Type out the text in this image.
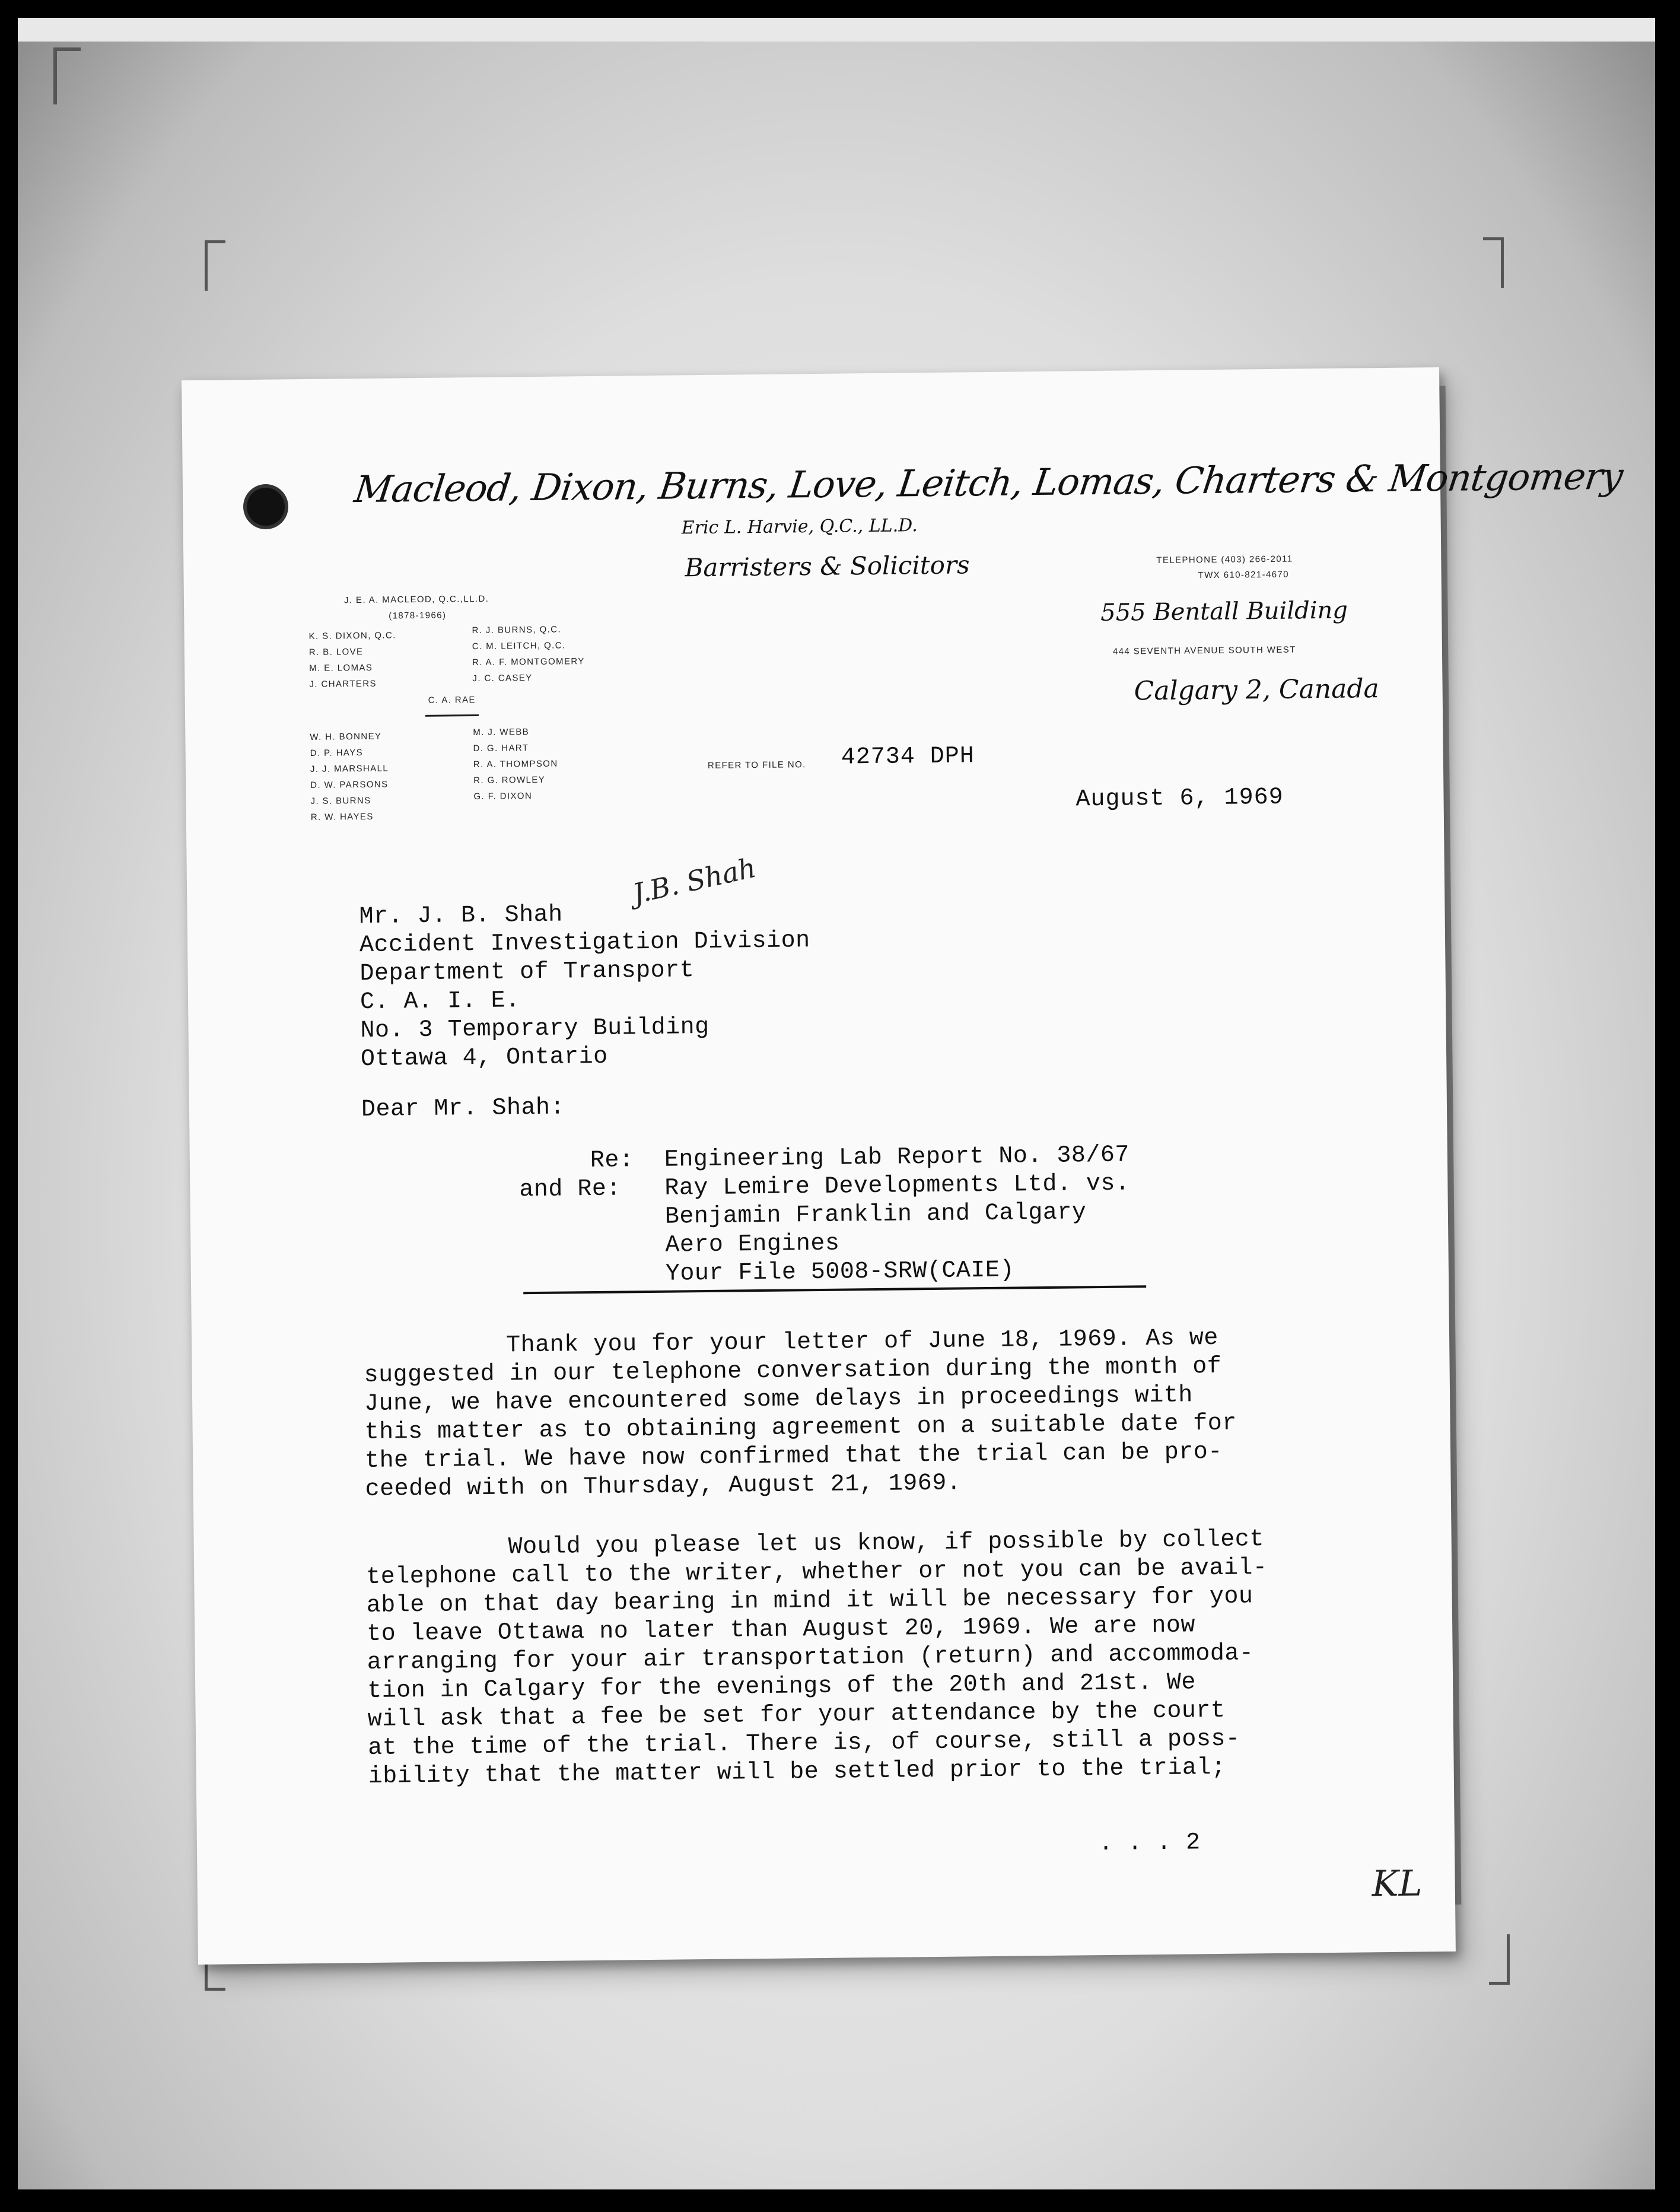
Macleod, Dixon, Burns, Love, Leitch, Lomas, Charters & Montgomery
Eric L. Harvie, Q.C., LL.D.
Barristers & Solicitors
J. E. A. MACLEOD, Q.C.,LL.D.
(1878-1966)
K. S. DIXON, Q.C.
R. B. LOVE
M. E. LOMAS
J. CHARTERS
R. J. BURNS, Q.C.
C. M. LEITCH, Q.C.
R. A. F. MONTGOMERY
J. C. CASEY
C. A. RAE
W. H. BONNEY
D. P. HAYS
J. J. MARSHALL
D. W. PARSONS
J. S. BURNS
R. W. HAYES
M. J. WEBB
D. G. HART
R. A. THOMPSON
R. G. ROWLEY
G. F. DIXON
TELEPHONE (403) 266-2011
TWX 610-821-4670
555 Bentall Building
444 SEVENTH AVENUE SOUTH WEST
Calgary 2, Canada
REFER TO FILE NO. 42734 DPH
August 6, 1969
J.B. Shah
Mr. J. B. Shah
Accident Investigation Division
Department of Transport
C. A. I. E.
No. 3 Temporary Building
Ottawa 4, Ontario
Dear Mr. Shah:
Re:
and Re:
Engineering Lab Report No. 38/67
Ray Lemire Developments Ltd. vs.
Benjamin Franklin and Calgary
Aero Engines
Your File 5008-SRW(CAIE)
Thank you for your letter of June 18, 1969. As we
suggested in our telephone conversation during the month of
June, we have encountered some delays in proceedings with
this matter as to obtaining agreement on a suitable date for
the trial. We have now confirmed that the trial can be pro-
ceeded with on Thursday, August 21, 1969.
Would you please let us know, if possible by collect
telephone call to the writer, whether or not you can be avail-
able on that day bearing in mind it will be necessary for you
to leave Ottawa no later than August 20, 1969. We are now
arranging for your air transportation (return) and accommoda-
tion in Calgary for the evenings of the 20th and 21st. We
will ask that a fee be set for your attendance by the court
at the time of the trial. There is, of course, still a poss-
ibility that the matter will be settled prior to the trial;
. . . 2
KL
